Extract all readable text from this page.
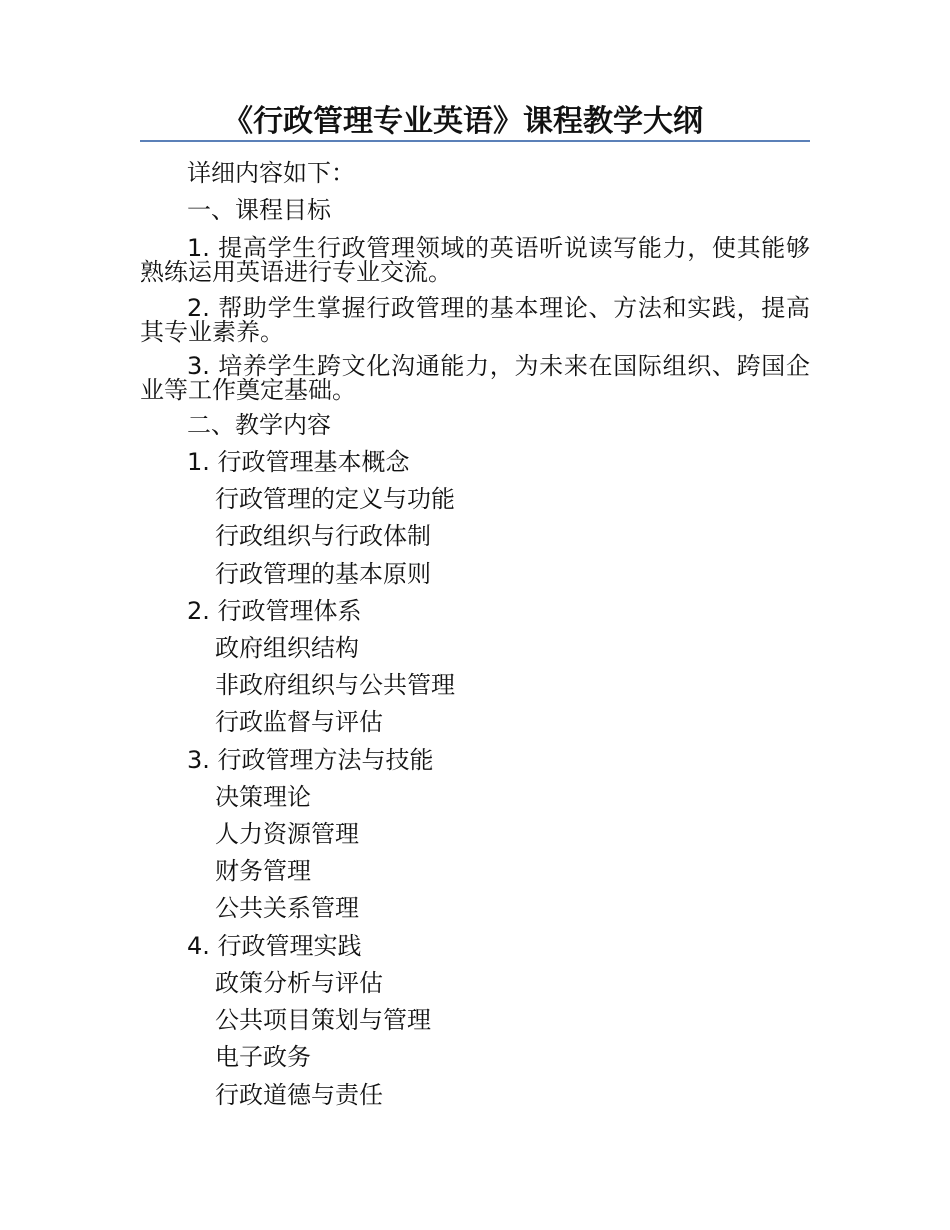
《行政管理专业英语》课程教学大纲
详细内容如下：
一、课程目标
1. 提高学生行政管理领域的英语听说读写能力，使其能够熟练运用英语进行专业交流。
2. 帮助学生掌握行政管理的基本理论、方法和实践，提高其专业素养。
3. 培养学生跨文化沟通能力，为未来在国际组织、跨国企业等工作奠定基础。
二、教学内容
1. 行政管理基本概念
行政管理的定义与功能
行政组织与行政体制
行政管理的基本原则
2. 行政管理体系
政府组织结构
非政府组织与公共管理
行政监督与评估
3. 行政管理方法与技能
决策理论
人力资源管理
财务管理
公共关系管理
4. 行政管理实践
政策分析与评估
公共项目策划与管理
电子政务
行政道德与责任
